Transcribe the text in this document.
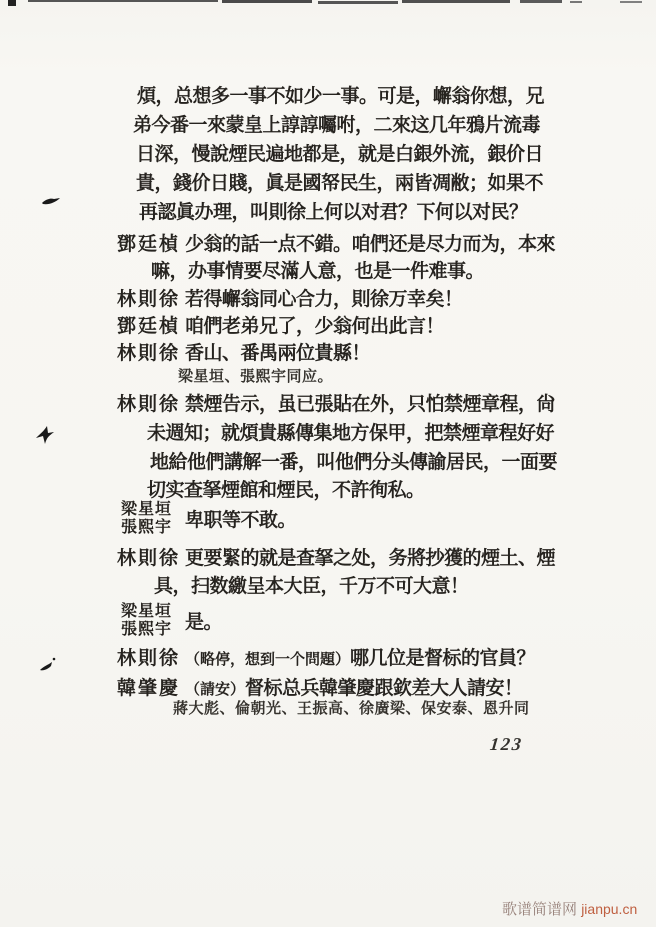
煩，总想多一事不如少一事。可是，嶰翁你想，兄
弟今番一來蒙皇上諄諄囑咐，二來这几年鴉片流毒
日深，慢說煙民遍地都是，就是白銀外流，銀价日
貴，錢价日賤，眞是國帑民生，兩皆凋敝；如果不
再認眞办理，叫則徐上何以对君？下何以对民？
鄧廷楨 少翁的話一点不錯。咱們还是尽力而为，本來
嘛，办事情要尽滿人意，也是一件难事。
林則徐 若得嶰翁同心合力，則徐万幸矣！
鄧廷楨 咱們老弟兄了，少翁何出此言！
林則徐 香山、番禺兩位貴縣！
梁星垣、張熙宇同应。
林則徐 禁煙告示，虽已張貼在外，只怕禁煙章程，尙
未週知；就煩貴縣傳集地方保甲，把禁煙章程好好
地給他們講解一番，叫他們分头傳諭居民，一面要
切实查拏煙館和煙民，不許徇私。
梁星垣
張熙宇 卑职等不敢。
林則徐 更要緊的就是查拏之处，务將抄獲的煙土、煙
具，扫数繳呈本大臣，千万不可大意！
梁星垣
張熙宇 是。
林則徐 （略停，想到一个問題）哪几位是督标的官員？
韓肇慶 （請安）督标总兵韓肇慶跟欽差大人請安！
蔣大彪、倫朝光、王振高、徐廣梁、保安泰、恩升同
123
歌谱简谱网 jianpu.cn
